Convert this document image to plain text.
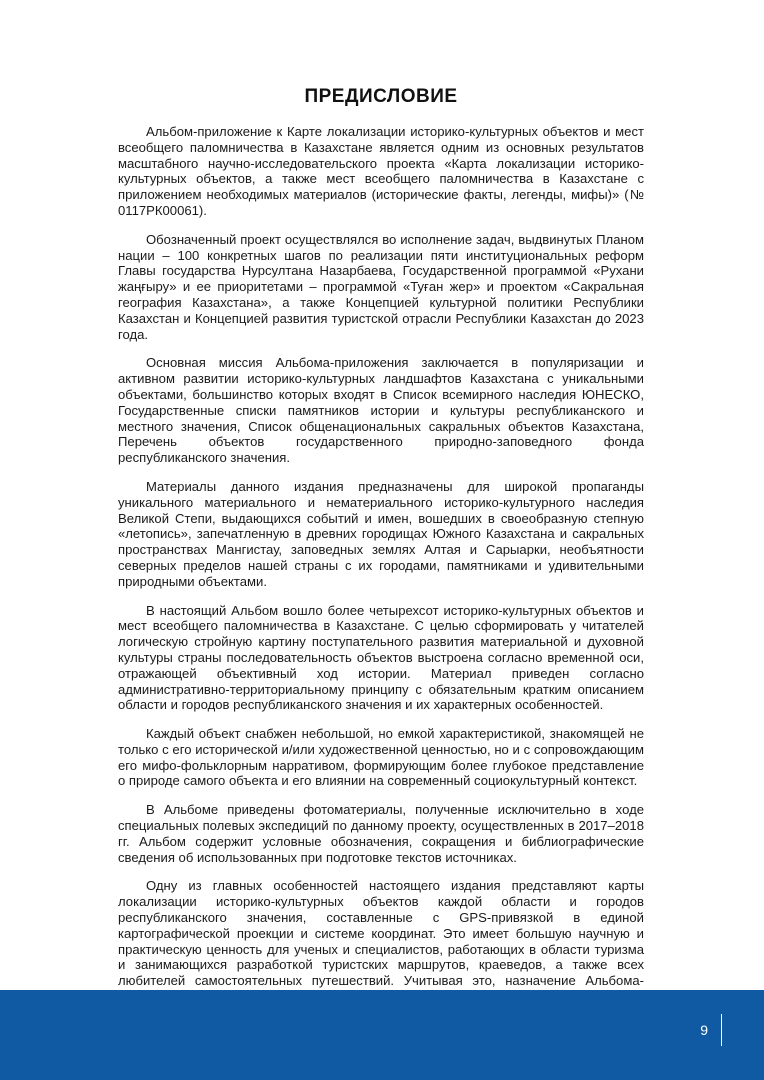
ПРЕДИСЛОВИЕ

Альбом-приложение к Карте локализации историко-культурных объектов и мест всеобщего паломничества в Казахстане является одним из основных результатов масштабного научно-исследовательского проекта «Карта локализации историко-культурных объектов, а также мест всеобщего паломничества в Казахстане с приложением необходимых материалов (исторические факты, легенды, мифы)» (№ 0117РК00061).

Обозначенный проект осуществлялся во исполнение задач, выдвинутых Планом нации – 100 конкретных шагов по реализации пяти институциональных реформ Главы государства Нурсултана Назарбаева, Государственной программой «Рухани жаңғыру» и ее приоритетами – программой «Туған жер» и проектом «Сакральная география Казахстана», а также Концепцией культурной политики Республики Казахстан и Концепцией развития туристской отрасли Республики Казахстан до 2023 года.

Основная миссия Альбома-приложения заключается в популяризации и активном развитии историко-культурных ландшафтов Казахстана с уникальными объектами, большинство которых входят в Список всемирного наследия ЮНЕСКО, Государственные списки памятников истории и культуры республиканского и местного значения, Список общенациональных сакральных объектов Казахстана, Перечень объектов государственного природно-заповедного фонда республиканского значения.

Материалы данного издания предназначены для широкой пропаганды уникального материального и нематериального историко-культурного наследия Великой Степи, выдающихся событий и имен, вошедших в своеобразную степную «летопись», запечатленную в древних городищах Южного Казахстана и сакральных пространствах Мангистау, заповедных землях Алтая и Сарыарки, необъятности северных пределов нашей страны с их городами, памятниками и удивительными природными объектами.

В настоящий Альбом вошло более четырехсот историко-культурных объектов и мест всеобщего паломничества в Казахстане. С целью сформировать у читателей логическую стройную картину поступательного развития материальной и духовной культуры страны последовательность объектов выстроена согласно временной оси, отражающей объективный ход истории. Материал приведен согласно административно-территориальному принципу с обязательным кратким описанием области и городов республиканского значения и их характерных особенностей.

Каждый объект снабжен небольшой, но емкой характеристикой, знакомящей не только с его исторической и/или художественной ценностью, но и с сопровождающим его мифо-фольклорным нарративом, формирующим более глубокое представление о природе самого объекта и его влиянии на современный социокультурный контекст.

В Альбоме приведены фотоматериалы, полученные исключительно в ходе специальных полевых экспедиций по данному проекту, осуществленных в 2017–2018 гг. Альбом содержит условные обозначения, сокращения и библиографические сведения об использованных при подготовке текстов источниках.

Одну из главных особенностей настоящего издания представляют карты локализации историко-культурных объектов каждой области и городов республиканского значения, составленные с GPS-привязкой в единой картографической проекции и системе координат. Это имеет большую научную и практическую ценность для ученых и специалистов, работающих в области туризма и занимающихся разработкой туристских маршрутов, краеведов, а также всех любителей самостоятельных путешествий. Учитывая это, назначение Альбома-

9
